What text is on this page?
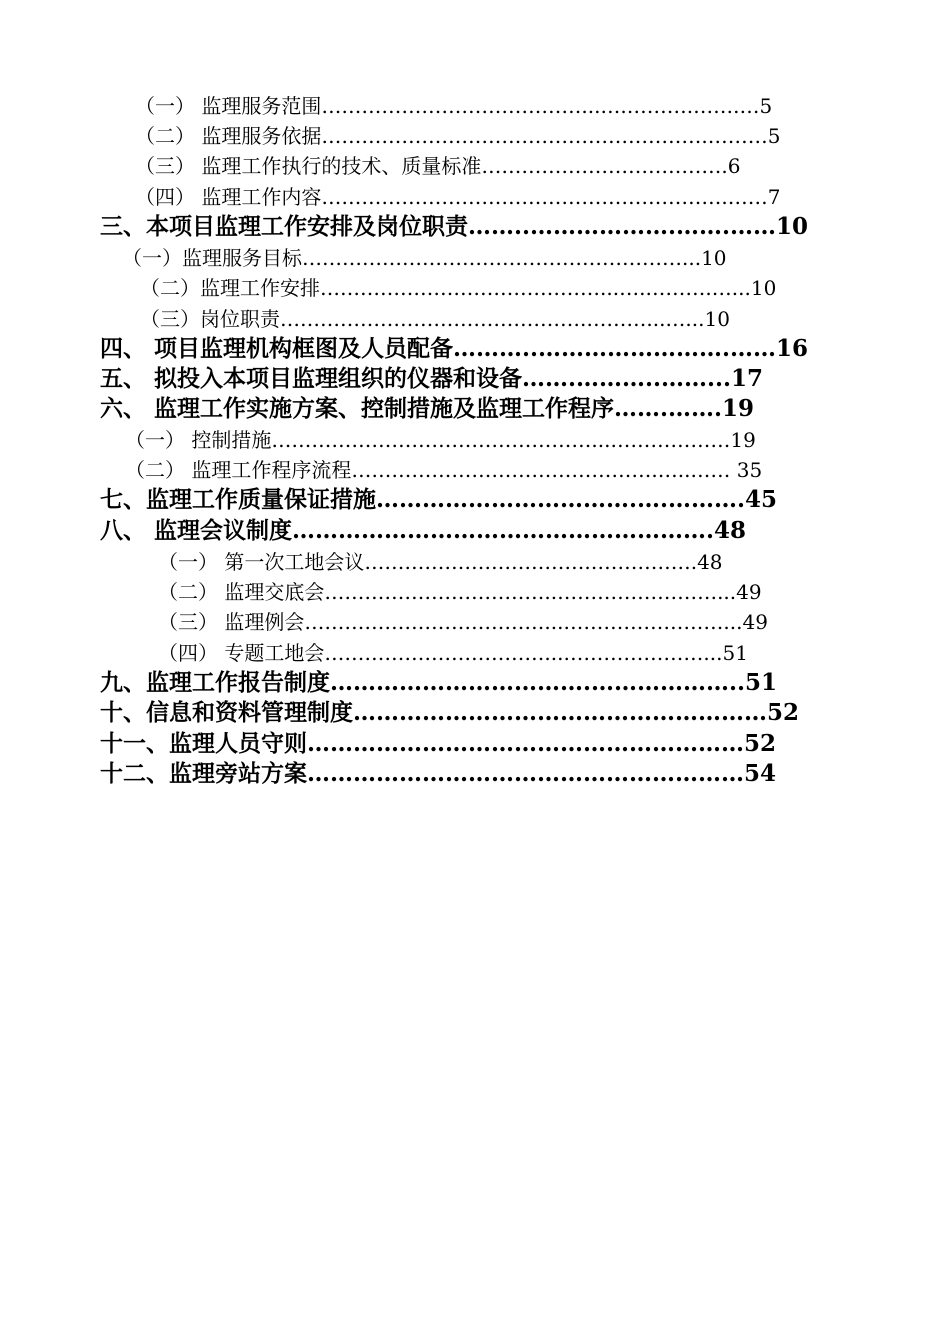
（一） 监理服务范围…………………………………...….……….…….…5
（二） 监理服务依据………………………………………………….………5
（三） 监理工作执行的技术、质量标准……………………………….6
（四） 监理工作内容…………………………………………………….……7
三、本项目监理工作安排及岗位职责……..……………….…….……10
（一）监理服务目标…………………………………………………...10
（二）监理工作安排……………………………………...….……….…...10
（三）岗位职责……………………………………….………...…...10
四、 项目监理机构框图及人员配备………..…………………….……16
五、 拟投入本项目监理组织的仪器和设备…….………..……...17
六、 监理工作实施方案、控制措施及监理工作程序…….…….19
（一） 控制措施…………………………………………...………………19
（二） 监理工作程序流程……………………………………….…..…… 35
七、监理工作质量保证措施…………………………….….……….45
八、 监理会议制度……………………………………………….48
（一） 第一次工地会议…………………………….…………….48
（二） 监理交底会……………………………..……………………...49
（三） 监理例会………………………………...……………………...49
（四） 专题工地会……………………………...…………………...51
九、监理工作报告制度…………………………….………………..51
十、信息和资料管理制度………………………………………………52
十一、监理人员守则…………………………………………………52
十二、监理旁站方案…………………………………………………54
